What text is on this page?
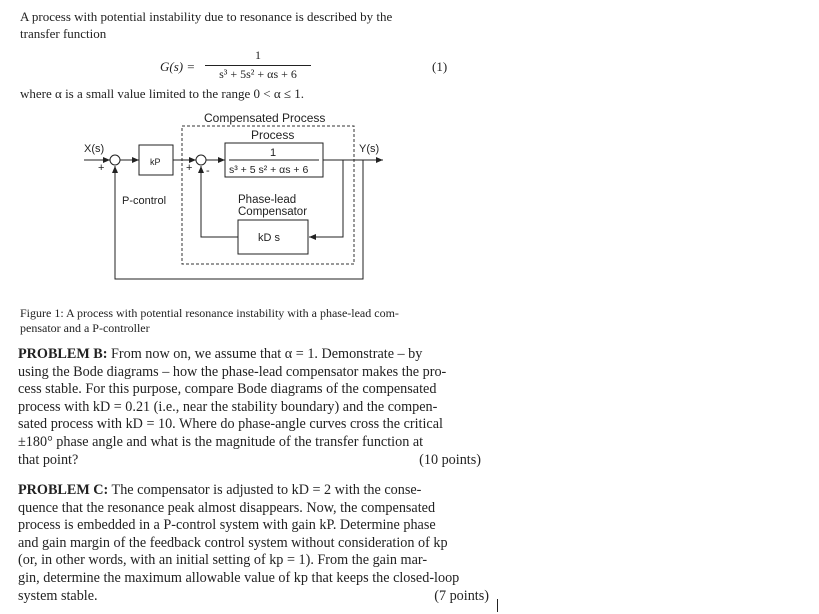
A process with potential instability due to resonance is described by the
transfer function
G(s) =
1
s³ + 5s² + αs + 6	(1)
where α is a small value limited to the range 0 < α ≤ 1.
Compensated Process
Process
X(s)	Y(s)
P-control	Phase-lead
Compensator
+ -
kP + -
1
s³ + 5 s² + αs + 6
kD s
Figure 1: A process with potential resonance instability with a phase-lead com-
pensator and a P-controller
PROBLEM B: From now on, we assume that α = 1. Demonstrate – by
using the Bode diagrams – how the phase-lead compensator makes the pro-
cess stable. For this purpose, compare Bode diagrams of the compensated
process with kD = 0.21 (i.e., near the stability boundary) and the compen-
sated process with kD = 10. Where do phase-angle curves cross the critical
±180° phase angle and what is the magnitude of the transfer function at
that point?	(10 points)
PROBLEM C: The compensator is adjusted to kD = 2 with the conse-
quence that the resonance peak almost disappears. Now, the compensated
process is embedded in a P-control system with gain kP. Determine phase
and gain margin of the feedback control system without consideration of kp
(or, in other words, with an initial setting of kp = 1). From the gain mar-
gin, determine the maximum allowable value of kp that keeps the closed-loop
system stable.	(7 points)
